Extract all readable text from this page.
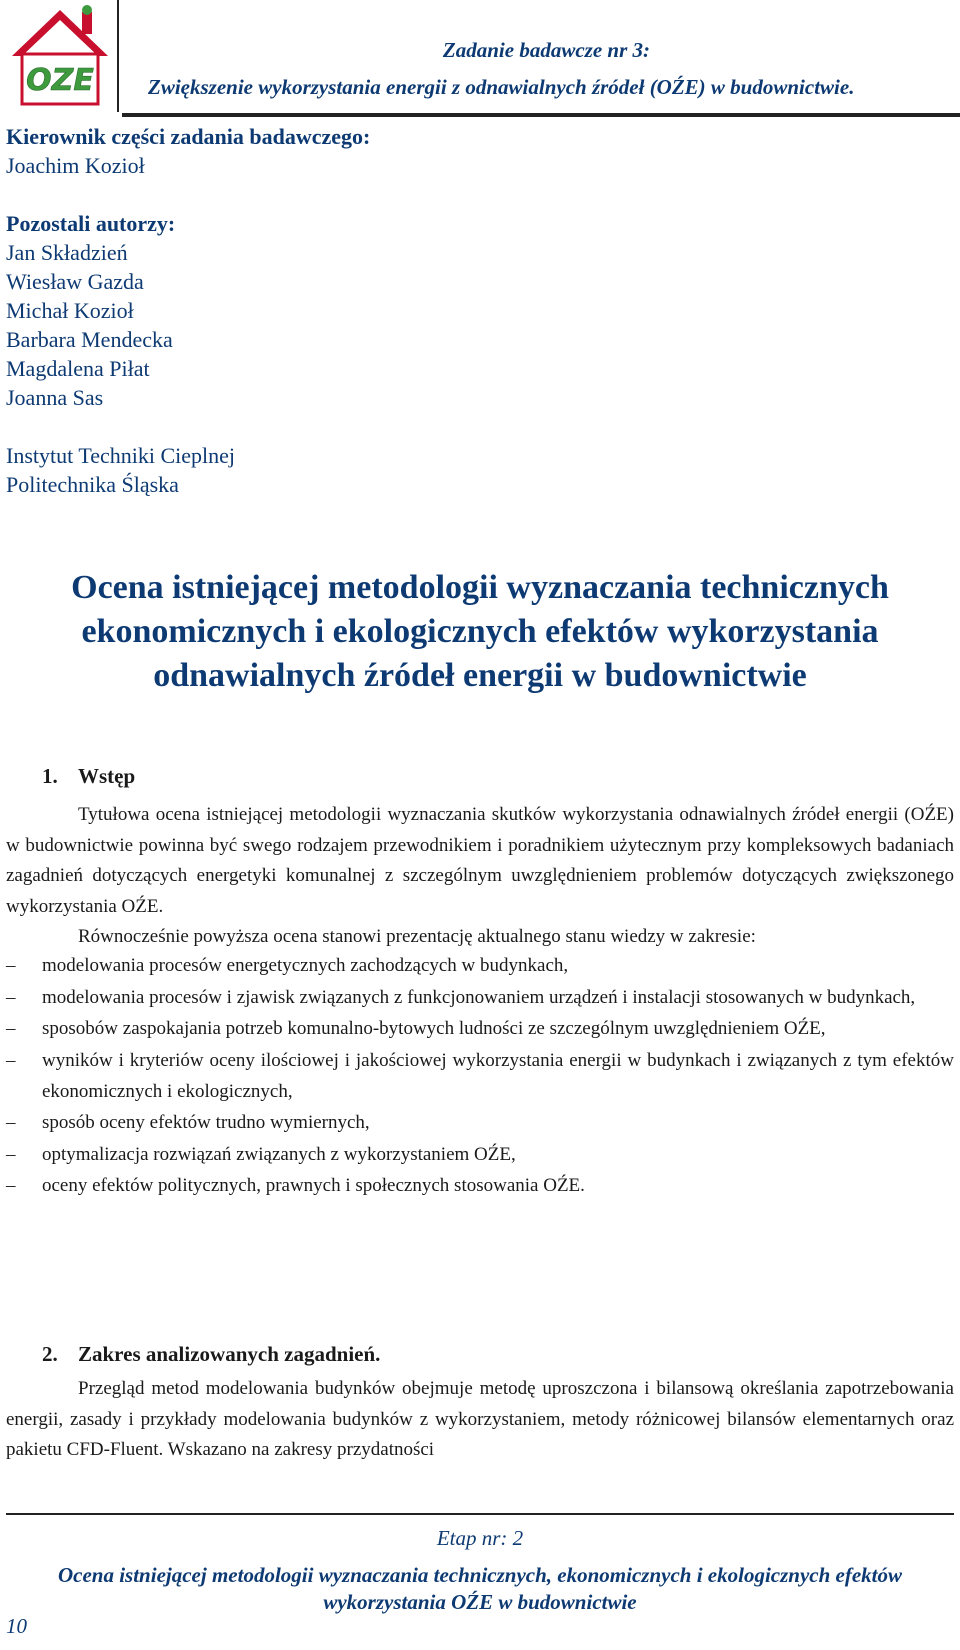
OZE
Zadanie badawcze nr 3:
Zwiększenie wykorzystania energii z odnawialnych źródeł (OŹE) w budownictwie.
Kierownik części zadania badawczego:
Joachim Kozioł
Pozostali autorzy:
Jan Składzień
Wiesław Gazda
Michał Kozioł
Barbara Mendecka
Magdalena Piłat
Joanna Sas
Instytut Techniki Cieplnej
Politechnika Śląska
Ocena istniejącej metodologii wyznaczania technicznych
ekonomicznych i ekologicznych efektów wykorzystania
odnawialnych źródeł energii w budownictwie
1. Wstęp
Tytułowa ocena istniejącej metodologii wyznaczania skutków wykorzystania odnawialnych źródeł energii (OŹE) w budownictwie powinna być swego rodzajem przewodnikiem i poradnikiem użytecznym przy kompleksowych badaniach zagadnień dotyczących energetyki komunalnej z szczególnym uwzględnieniem problemów dotyczących zwiększonego wykorzystania OŹE.
Równocześnie powyższa ocena stanowi prezentację aktualnego stanu wiedzy w zakresie:
– modelowania procesów energetycznych zachodzących w budynkach,
– modelowania procesów i zjawisk związanych z funkcjonowaniem urządzeń i instalacji stosowanych w budynkach,
– sposobów zaspokajania potrzeb komunalno-bytowych ludności ze szczególnym uwzględnieniem OŹE,
– wyników i kryteriów oceny ilościowej i jakościowej wykorzystania energii w budynkach i związanych z tym efektów ekonomicznych i ekologicznych,
– sposób oceny efektów trudno wymiernych,
– optymalizacja rozwiązań związanych z wykorzystaniem OŹE,
– oceny efektów politycznych, prawnych i społecznych stosowania OŹE.
2. Zakres analizowanych zagadnień.
Przegląd metod modelowania budynków obejmuje metodę uproszczona i bilansową określania zapotrzebowania energii, zasady i przykłady modelowania budynków z wykorzystaniem, metody różnicowej bilansów elementarnych oraz pakietu CFD-Fluent. Wskazano na zakresy przydatności
Etap nr: 2
Ocena istniejącej metodologii wyznaczania technicznych, ekonomicznych i ekologicznych efektów
wykorzystania OŹE w budownictwie
10
